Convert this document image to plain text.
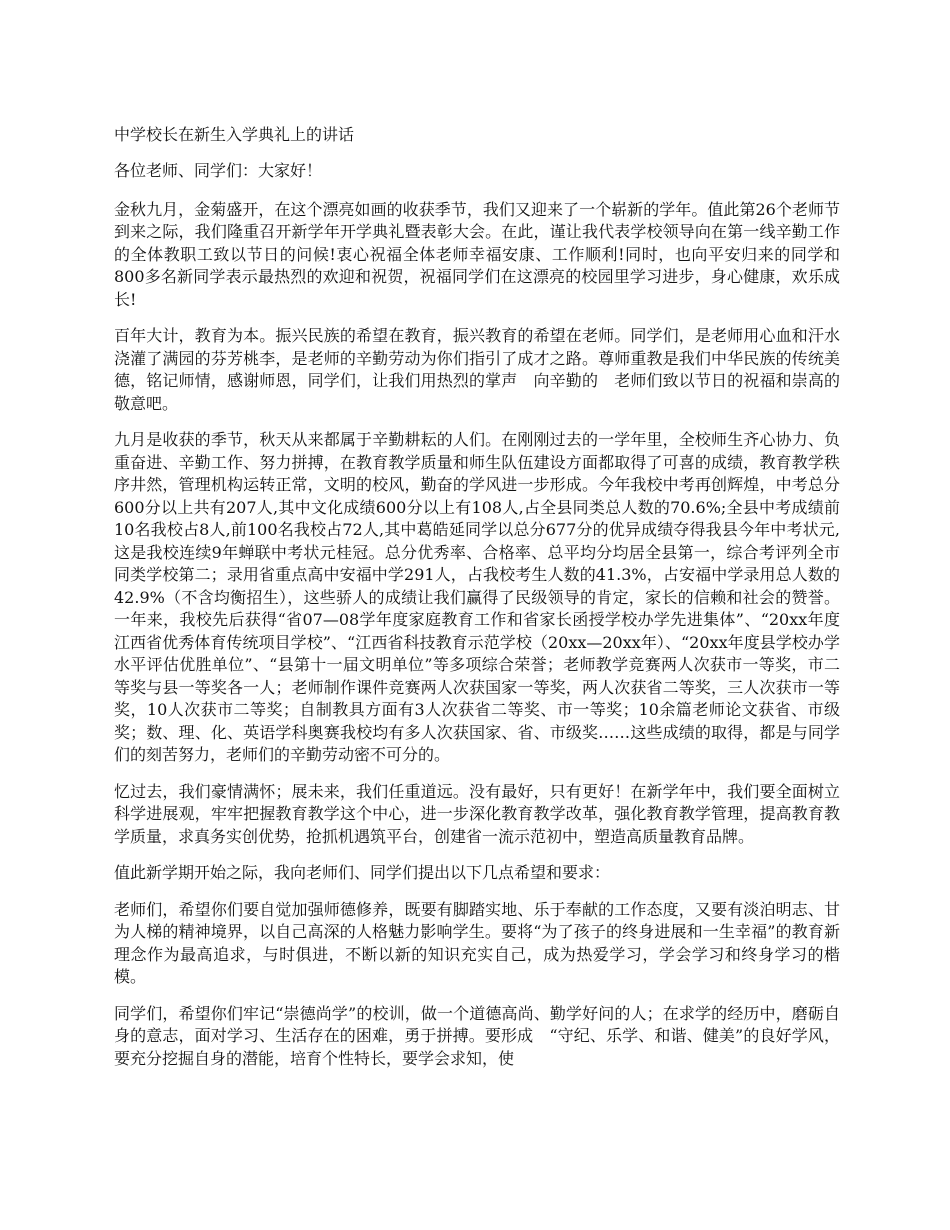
中学校长在新生入学典礼上的讲话
各位老师、同学们：大家好！
金秋九月，金菊盛开，在这个漂亮如画的收获季节，我们又迎来了一个崭新的学年。值此第26个老师节到来之际，我们隆重召开新学年开学典礼暨表彰大会。在此，谨让我代表学校领导向在第一线辛勤工作的全体教职工致以节日的问候!衷心祝福全体老师幸福安康、工作顺利!同时，也向平安归来的同学和800多名新同学表示最热烈的欢迎和祝贺，祝福同学们在这漂亮的校园里学习进步，身心健康，欢乐成长!
百年大计，教育为本。振兴民族的希望在教育，振兴教育的希望在老师。同学们，是老师用心血和汗水浇灌了满园的芬芳桃李，是老师的辛勤劳动为你们指引了成才之路。尊师重教是我们中华民族的传统美德，铭记师情，感谢师恩，同学们，让我们用热烈的掌声　向辛勤的　老师们致以节日的祝福和崇高的敬意吧。
九月是收获的季节，秋天从来都属于辛勤耕耘的人们。在刚刚过去的一学年里，全校师生齐心协力、负重奋进、辛勤工作、努力拼搏，在教育教学质量和师生队伍建设方面都取得了可喜的成绩，教育教学秩序井然，管理机构运转正常，文明的校风，勤奋的学风进一步形成。今年我校中考再创辉煌，中考总分600分以上共有207人,其中文化成绩600分以上有108人,占全县同类总人数的70.6%;全县中考成绩前10名我校占8人,前100名我校占72人,其中葛皓延同学以总分677分的优异成绩夺得我县今年中考状元,这是我校连续9年蝉联中考状元桂冠。总分优秀率、合格率、总平均分均居全县第一，综合考评列全市同类学校第二；录用省重点高中安福中学291人，占我校考生人数的41.3%，占安福中学录用总人数的42.9%（不含均衡招生），这些骄人的成绩让我们赢得了民级领导的肯定，家长的信赖和社会的赞誉。一年来，我校先后获得“省07—08学年度家庭教育工作和省家长函授学校办学先进集体”、“20xx年度江西省优秀体育传统项目学校”、“江西省科技教育示范学校（20xx—20xx年）、“20xx年度县学校办学水平评估优胜单位”、“县第十一届文明单位”等多项综合荣誉；老师教学竞赛两人次获市一等奖，市二等奖与县一等奖各一人；老师制作课件竞赛两人次获国家一等奖，两人次获省二等奖，三人次获市一等奖，10人次获市二等奖；自制教具方面有3人次获省二等奖、市一等奖；10余篇老师论文获省、市级奖；数、理、化、英语学科奥赛我校均有多人次获国家、省、市级奖……这些成绩的取得，都是与同学们的刻苦努力，老师们的辛勤劳动密不可分的。
忆过去，我们豪情满怀；展未来，我们任重道远。没有最好，只有更好！在新学年中，我们要全面树立科学进展观，牢牢把握教育教学这个中心，进一步深化教育教学改革，强化教育教学管理，提高教育教学质量，求真务实创优势，抢抓机遇筑平台，创建省一流示范初中，塑造高质量教育品牌。
值此新学期开始之际，我向老师们、同学们提出以下几点希望和要求：
老师们，希望你们要自觉加强师德修养，既要有脚踏实地、乐于奉献的工作态度，又要有淡泊明志、甘为人梯的精神境界，以自己高深的人格魅力影响学生。要将“为了孩子的终身进展和一生幸福”的教育新理念作为最高追求，与时俱进，不断以新的知识充实自己，成为热爱学习，学会学习和终身学习的楷模。
同学们，希望你们牢记“崇德尚学”的校训，做一个道德高尚、勤学好问的人；在求学的经历中，磨砺自身的意志，面对学习、生活存在的困难，勇于拼搏。要形成　“守纪、乐学、和谐、健美”的良好学风，要充分挖掘自身的潜能，培育个性特长，要学会求知，使
